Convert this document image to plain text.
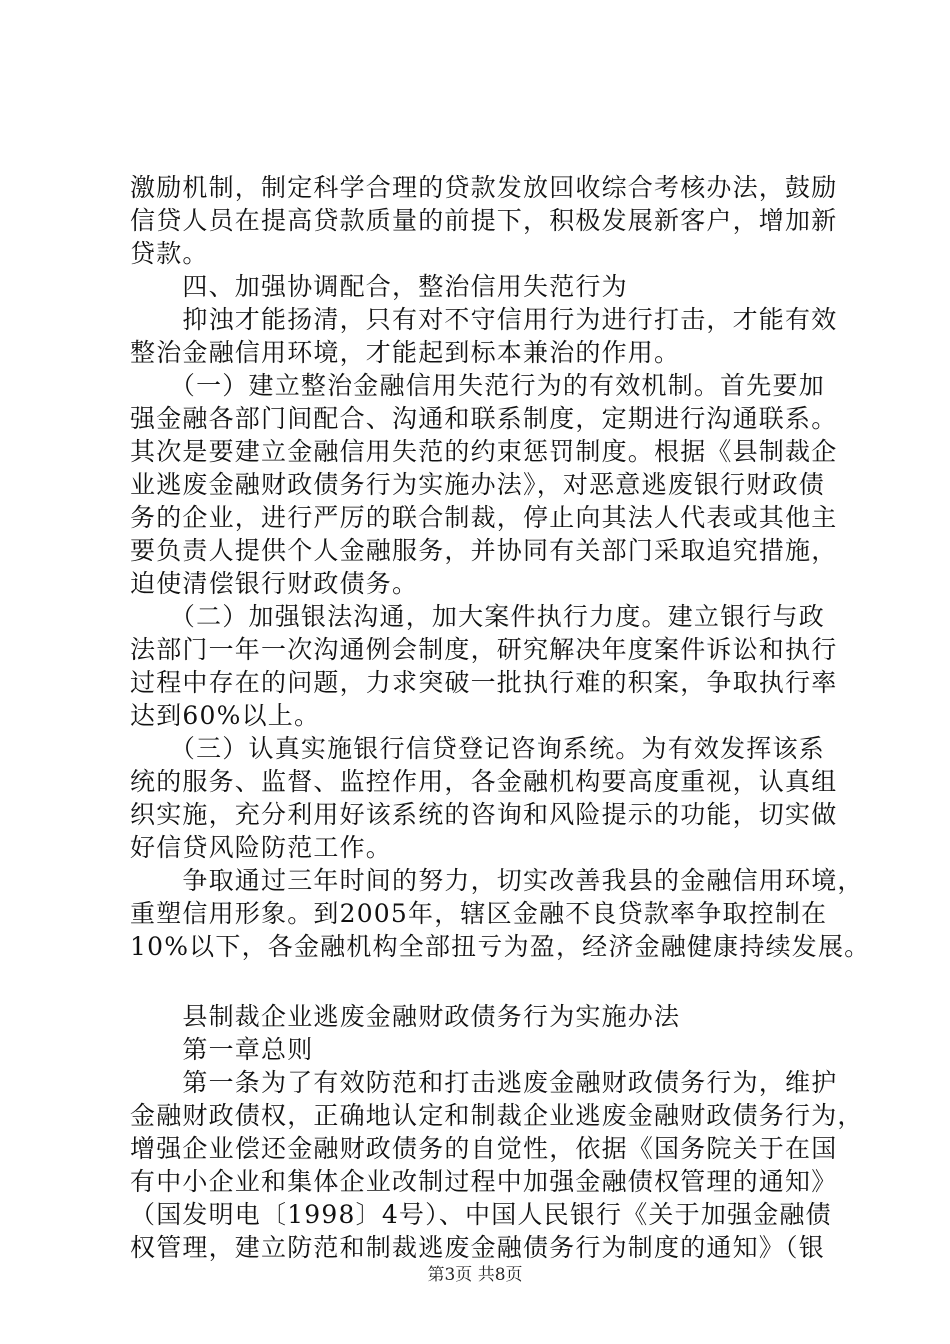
激励机制，制定科学合理的贷款发放回收综合考核办法，鼓励
信贷人员在提高贷款质量的前提下，积极发展新客户，增加新
贷款。
　　四、加强协调配合，整治信用失范行为
　　抑浊才能扬清，只有对不守信用行为进行打击，才能有效
整治金融信用环境，才能起到标本兼治的作用。
　　（一）建立整治金融信用失范行为的有效机制。首先要加
强金融各部门间配合、沟通和联系制度，定期进行沟通联系。
其次是要建立金融信用失范的约束惩罚制度。根据《县制裁企
业逃废金融财政债务行为实施办法》，对恶意逃废银行财政债
务的企业，进行严厉的联合制裁，停止向其法人代表或其他主
要负责人提供个人金融服务，并协同有关部门采取追究措施，
迫使清偿银行财政债务。
　　（二）加强银法沟通，加大案件执行力度。建立银行与政
法部门一年一次沟通例会制度，研究解决年度案件诉讼和执行
过程中存在的问题，力求突破一批执行难的积案，争取执行率
达到60%以上。
　　（三）认真实施银行信贷登记咨询系统。为有效发挥该系
统的服务、监督、监控作用，各金融机构要高度重视，认真组
织实施，充分利用好该系统的咨询和风险提示的功能，切实做
好信贷风险防范工作。
　　争取通过三年时间的努力，切实改善我县的金融信用环境，
重塑信用形象。到2005年，辖区金融不良贷款率争取控制在
10%以下，各金融机构全部扭亏为盈，经济金融健康持续发展。
　　县制裁企业逃废金融财政债务行为实施办法
　　第一章总则
　　第一条为了有效防范和打击逃废金融财政债务行为，维护
金融财政债权，正确地认定和制裁企业逃废金融财政债务行为，
增强企业偿还金融财政债务的自觉性，依据《国务院关于在国
有中小企业和集体企业改制过程中加强金融债权管理的通知》
（国发明电〔1998〕4号）、中国人民银行《关于加强金融债
权管理，建立防范和制裁逃废金融债务行为制度的通知》（银
第3页 共8页
